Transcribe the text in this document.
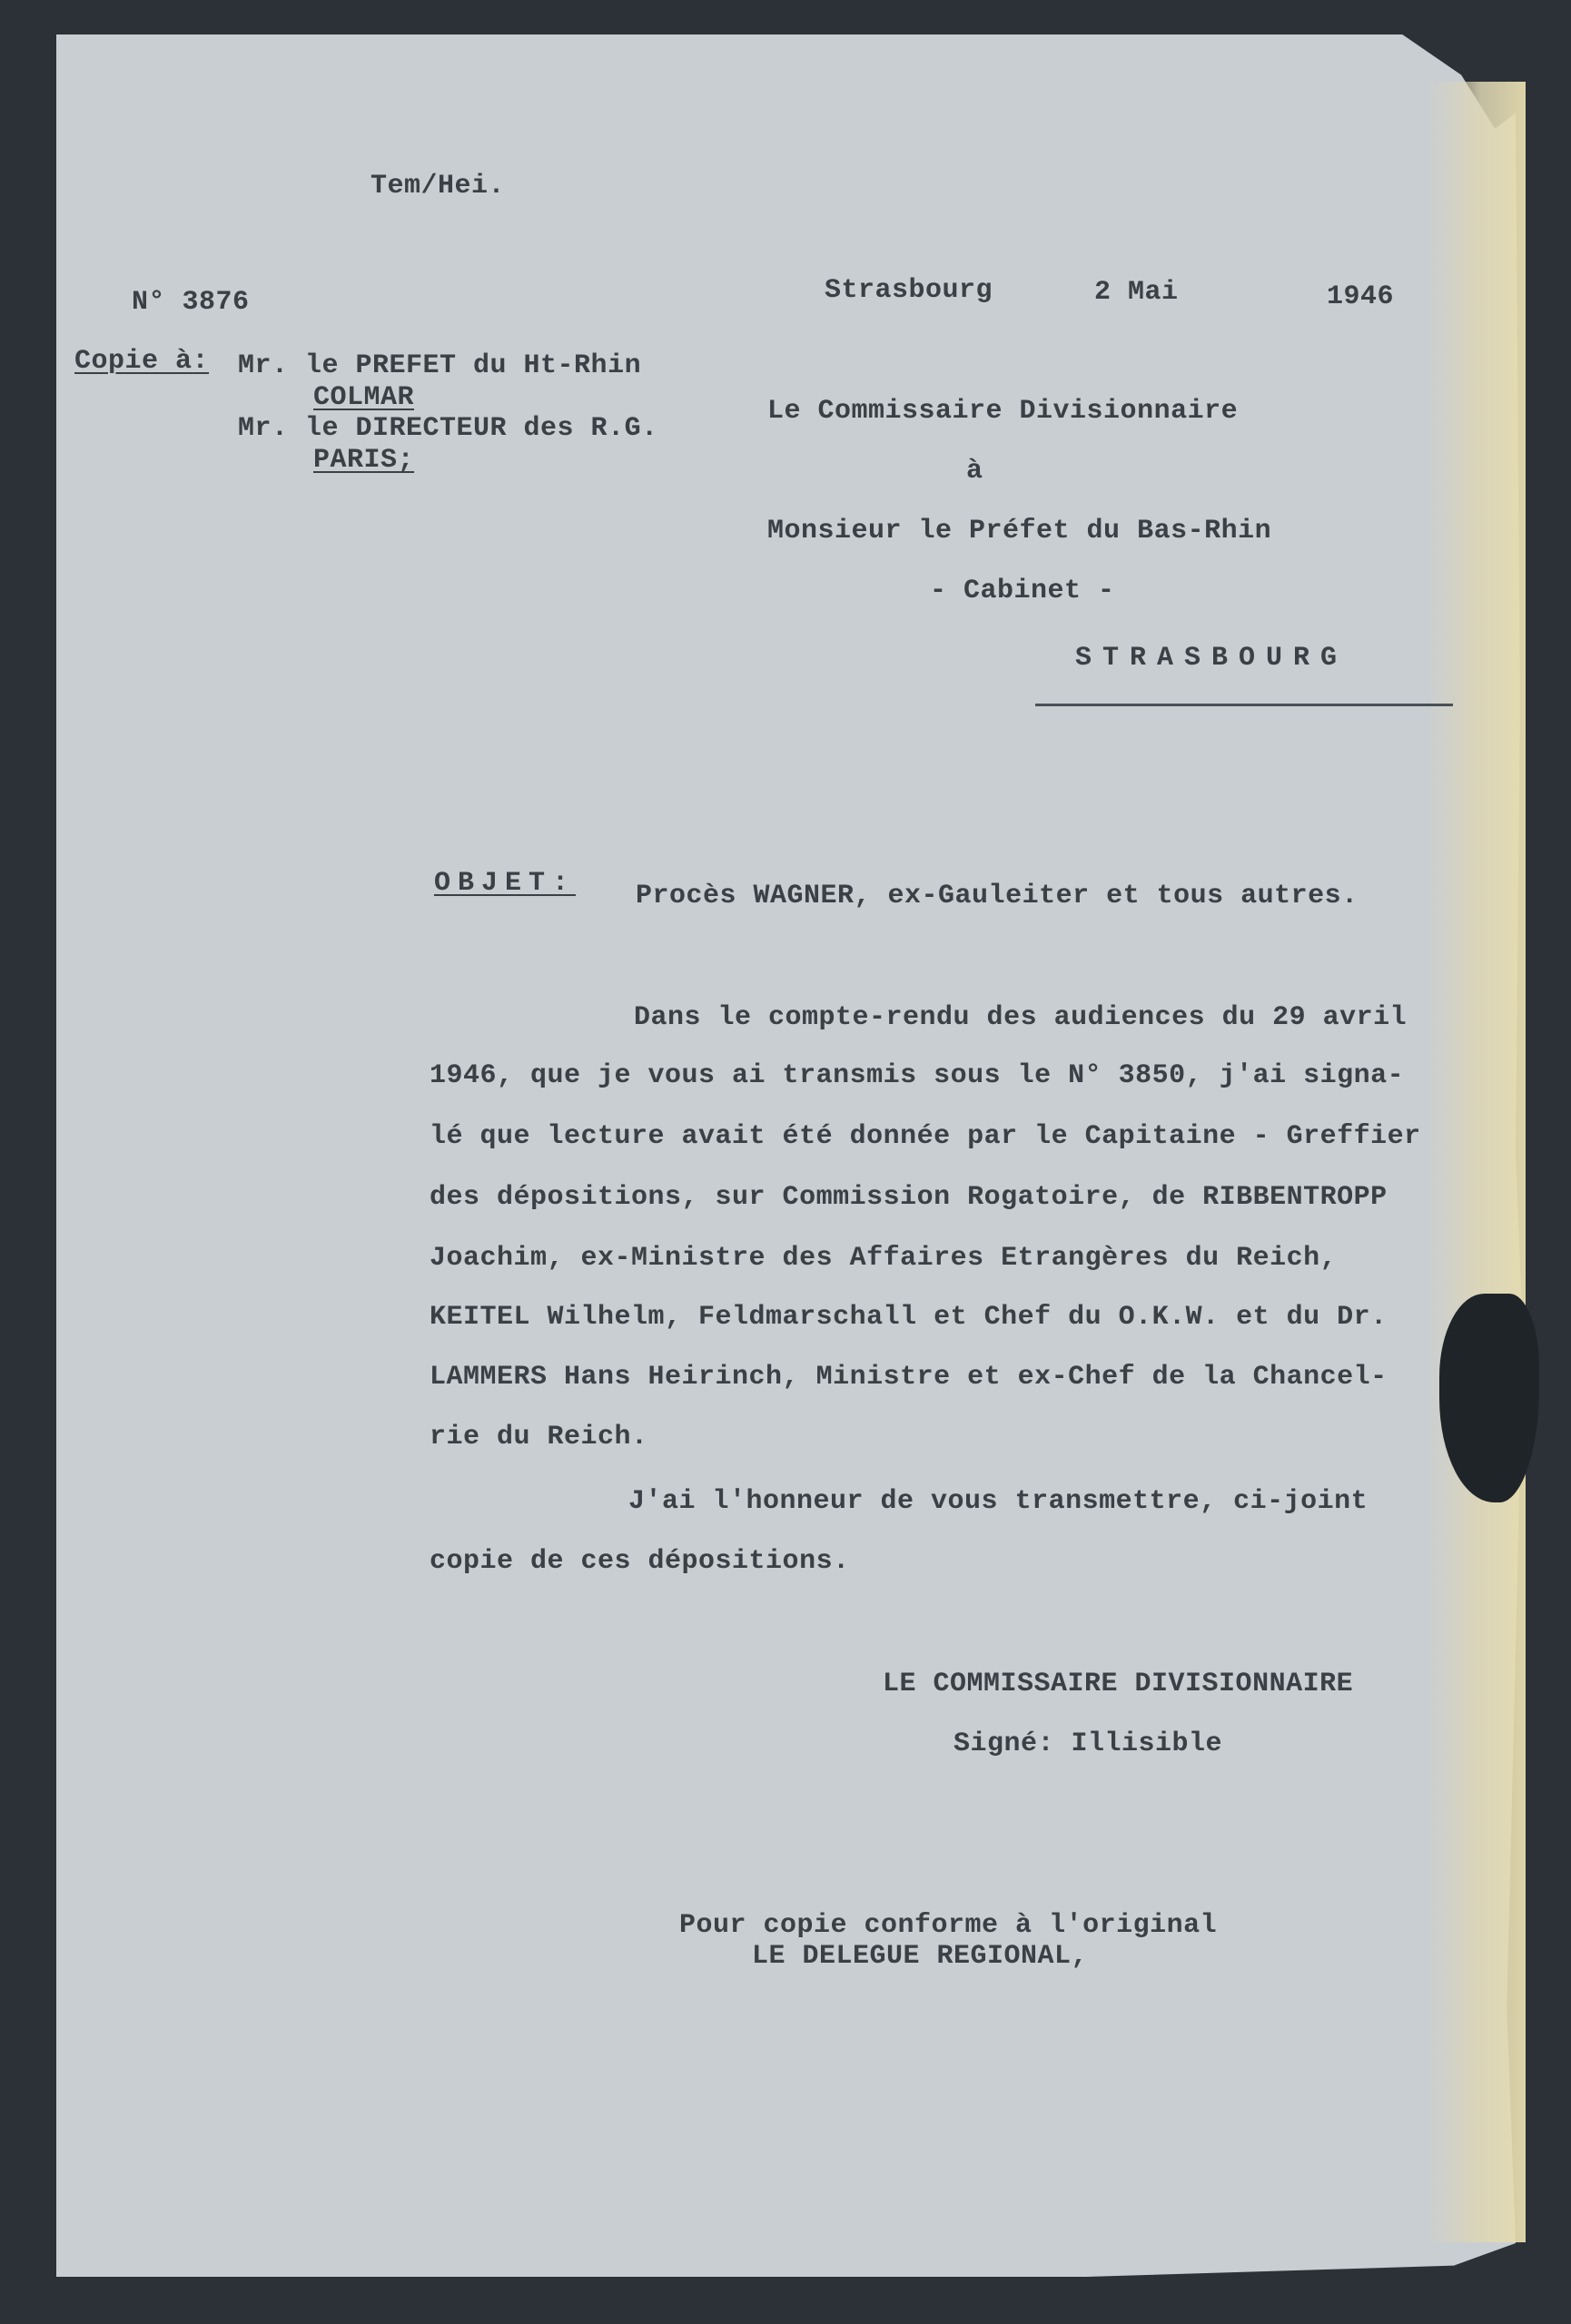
Tem/Hei.
N° 3876	Strasbourg	2 Mai	1946
Copie à: Mr. le PREFET du Ht-Rhin
COLMAR
Mr. le DIRECTEUR des R.G.
PARIS;
Le Commissaire Divisionnaire
à
Monsieur le Préfet du Bas-Rhin
- Cabinet -
STRASBOURG
OBJET: Procès WAGNER, ex-Gauleiter et tous autres.
Dans le compte-rendu des audiences du 29 avril
1946, que je vous ai transmis sous le N° 3850, j'ai signa-
lé que lecture avait été donnée par le Capitaine - Greffier
des dépositions, sur Commission Rogatoire, de RIBBENTROPP
Joachim, ex-Ministre des Affaires Etrangères du Reich,
KEITEL Wilhelm, Feldmarschall et Chef du O.K.W. et du Dr.
LAMMERS Hans Heirinch, Ministre et ex-Chef de la Chancel-
rie du Reich.
J'ai l'honneur de vous transmettre, ci-joint
copie de ces dépositions.
LE COMMISSAIRE DIVISIONNAIRE
Signé: Illisible
Pour copie conforme à l'original
LE DELEGUE REGIONAL,
